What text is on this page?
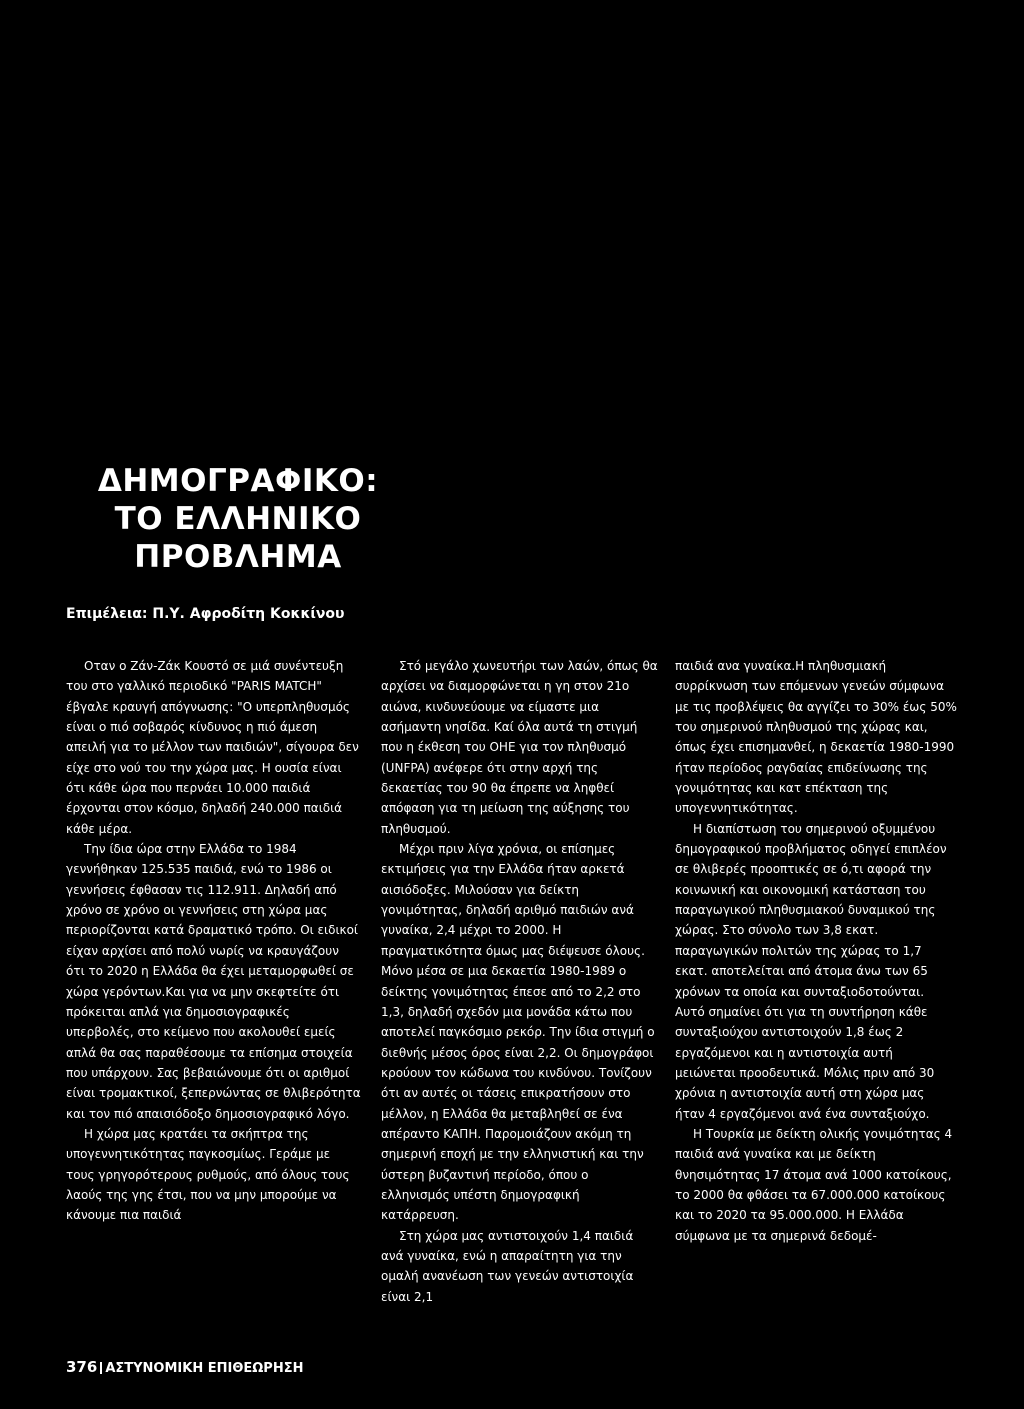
ΔΗΜΟΓΡΑΦΙΚΟ:
ΤΟ ΕΛΛΗΝΙΚΟ
ΠΡΟΒΛΗΜΑ
Επιμέλεια: Π.Υ. Αφροδίτη Κοκκίνου

Οταν ο Ζάν-Ζάκ Κουστό σε μιά συνέντευξη του στο γαλλικό περιοδικό "PARIS MATCH" έβγαλε κραυγή απόγνωσης: "Ο υπερπληθυσμός είναι ο πιό σοβαρός κίνδυνος η πιό άμεση απειλή για το μέλλον των παιδιών", σίγουρα δεν είχε στο νού του την χώρα μας. Η ουσία είναι ότι κάθε ώρα που περνάει 10.000 παιδιά έρχονται στον κόσμο, δηλαδή 240.000 παιδιά κάθε μέρα.

Την ίδια ώρα στην Ελλάδα το 1984 γεννήθηκαν 125.535 παιδιά, ενώ το 1986 οι γεννήσεις έφθασαν τις 112.911. Δηλαδή από χρόνο σε χρόνο οι γεννήσεις στη χώρα μας περιορίζονται κατά δραματικό τρόπο. Οι ειδικοί είχαν αρχίσει από πολύ νωρίς να κραυγάζουν ότι το 2020 η Ελλάδα θα έχει μεταμορφωθεί σε χώρα γερόντων.Και για να μην σκεφτείτε ότι πρόκειται απλά για δημοσιογραφικές υπερβολές, στο κείμενο που ακολουθεί εμείς απλά θα σας παραθέσουμε τα επίσημα στοιχεία που υπάρχουν. Σας βεβαιώνουμε ότι οι αριθμοί είναι τρομακτικοί, ξεπερνώντας σε θλιβερότητα και τον πιό απαισιόδοξο δημοσιογραφικό λόγο.

Η χώρα μας κρατάει τα σκήπτρα της υπογεννητικότητας παγκοσμίως. Γεράμε με τους γρηγορότερους ρυθμούς, από όλους τους λαούς της γης έτσι, που να μην μπορούμε να κάνουμε πια παιδιά

Στό μεγάλο χωνευτήρι των λαών, όπως θα αρχίσει να διαμορφώνεται η γη στον 21ο αιώνα, κινδυνεύουμε να είμαστε μια ασήμαντη νησίδα. Καί όλα αυτά τη στιγμή που η έκθεση του ΟΗΕ για τον πληθυσμό (UNFPA) ανέφερε ότι στην αρχή της δεκαετίας του 90 θα έπρεπε να ληφθεί απόφαση για τη μείωση της αύξησης του πληθυσμού.

Μέχρι πριν λίγα χρόνια, οι επίσημες εκτιμήσεις για την Ελλάδα ήταν αρκετά αισιόδοξες. Μιλούσαν για δείκτη γονιμότητας, δηλαδή αριθμό παιδιών ανά γυναίκα, 2,4 μέχρι το 2000. Η πραγματικότητα όμως μας διέψευσε όλους. Μόνο μέσα σε μια δεκαετία 1980-1989 ο δείκτης γονιμότητας έπεσε από το 2,2 στο 1,3, δηλαδή σχεδόν μια μονάδα κάτω που αποτελεί παγκόσμιο ρεκόρ. Την ίδια στιγμή ο διεθνής μέσος όρος είναι 2,2. Οι δημογράφοι κρούουν τον κώδωνα του κινδύνου. Τονίζουν ότι αν αυτές οι τάσεις επικρατήσουν στο μέλλον, η Ελλάδα θα μεταβληθεί σε ένα απέραντο ΚΑΠΗ. Παρομοιάζουν ακόμη τη σημερινή εποχή με την ελληνιστική και την ύστερη βυζαντινή περίοδο, όπου ο ελληνισμός υπέστη δημογραφική κατάρρευση.

Στη χώρα μας αντιστοιχούν 1,4 παιδιά ανά γυναίκα, ενώ η απαραίτητη για την ομαλή ανανέωση των γενεών αντιστοιχία είναι 2,1

παιδιά ανα γυναίκα.Η πληθυσμιακή συρρίκνωση των επόμενων γενεών σύμφωνα με τις προβλέψεις θα αγγίζει το 30% έως 50% του σημερινού πληθυσμού της χώρας και, όπως έχει επισημανθεί, η δεκαετία 1980-1990 ήταν περίοδος ραγδαίας επιδείνωσης της γονιμότητας και κατ επέκταση της υπογεννητικότητας.

Η διαπίστωση του σημερινού οξυμμένου δημογραφικού προβλήματος οδηγεί επιπλέον σε θλιβερές προοπτικές σε ό,τι αφορά την κοινωνική και οικονομική κατάσταση του παραγωγικού πληθυσμιακού δυναμικού της χώρας. Στο σύνολο των 3,8 εκατ. παραγωγικών πολιτών της χώρας το 1,7 εκατ. αποτελείται από άτομα άνω των 65 χρόνων τα οποία και συνταξιοδοτούνται. Αυτό σημαίνει ότι για τη συντήρηση κάθε συνταξιούχου αντιστοιχούν 1,8 έως 2 εργαζόμενοι και η αντιστοιχία αυτή μειώνεται προοδευτικά. Μόλις πριν από 30 χρόνια η αντιστοιχία αυτή στη χώρα μας ήταν 4 εργαζόμενοι ανά ένα συνταξιούχο.

Η Τουρκία με δείκτη ολικής γονιμότητας 4 παιδιά ανά γυναίκα και με δείκτη θνησιμότητας 17 άτομα ανά 1000 κατοίκους, το 2000 θα φθάσει τα 67.000.000 κατοίκους και το 2020 τα 95.000.000. Η Ελλάδα σύμφωνα με τα σημερινά δεδομέ-

376 ΑΣΤΥΝΟΜΙΚΗ ΕΠΙΘΕΩΡΗΣΗ
